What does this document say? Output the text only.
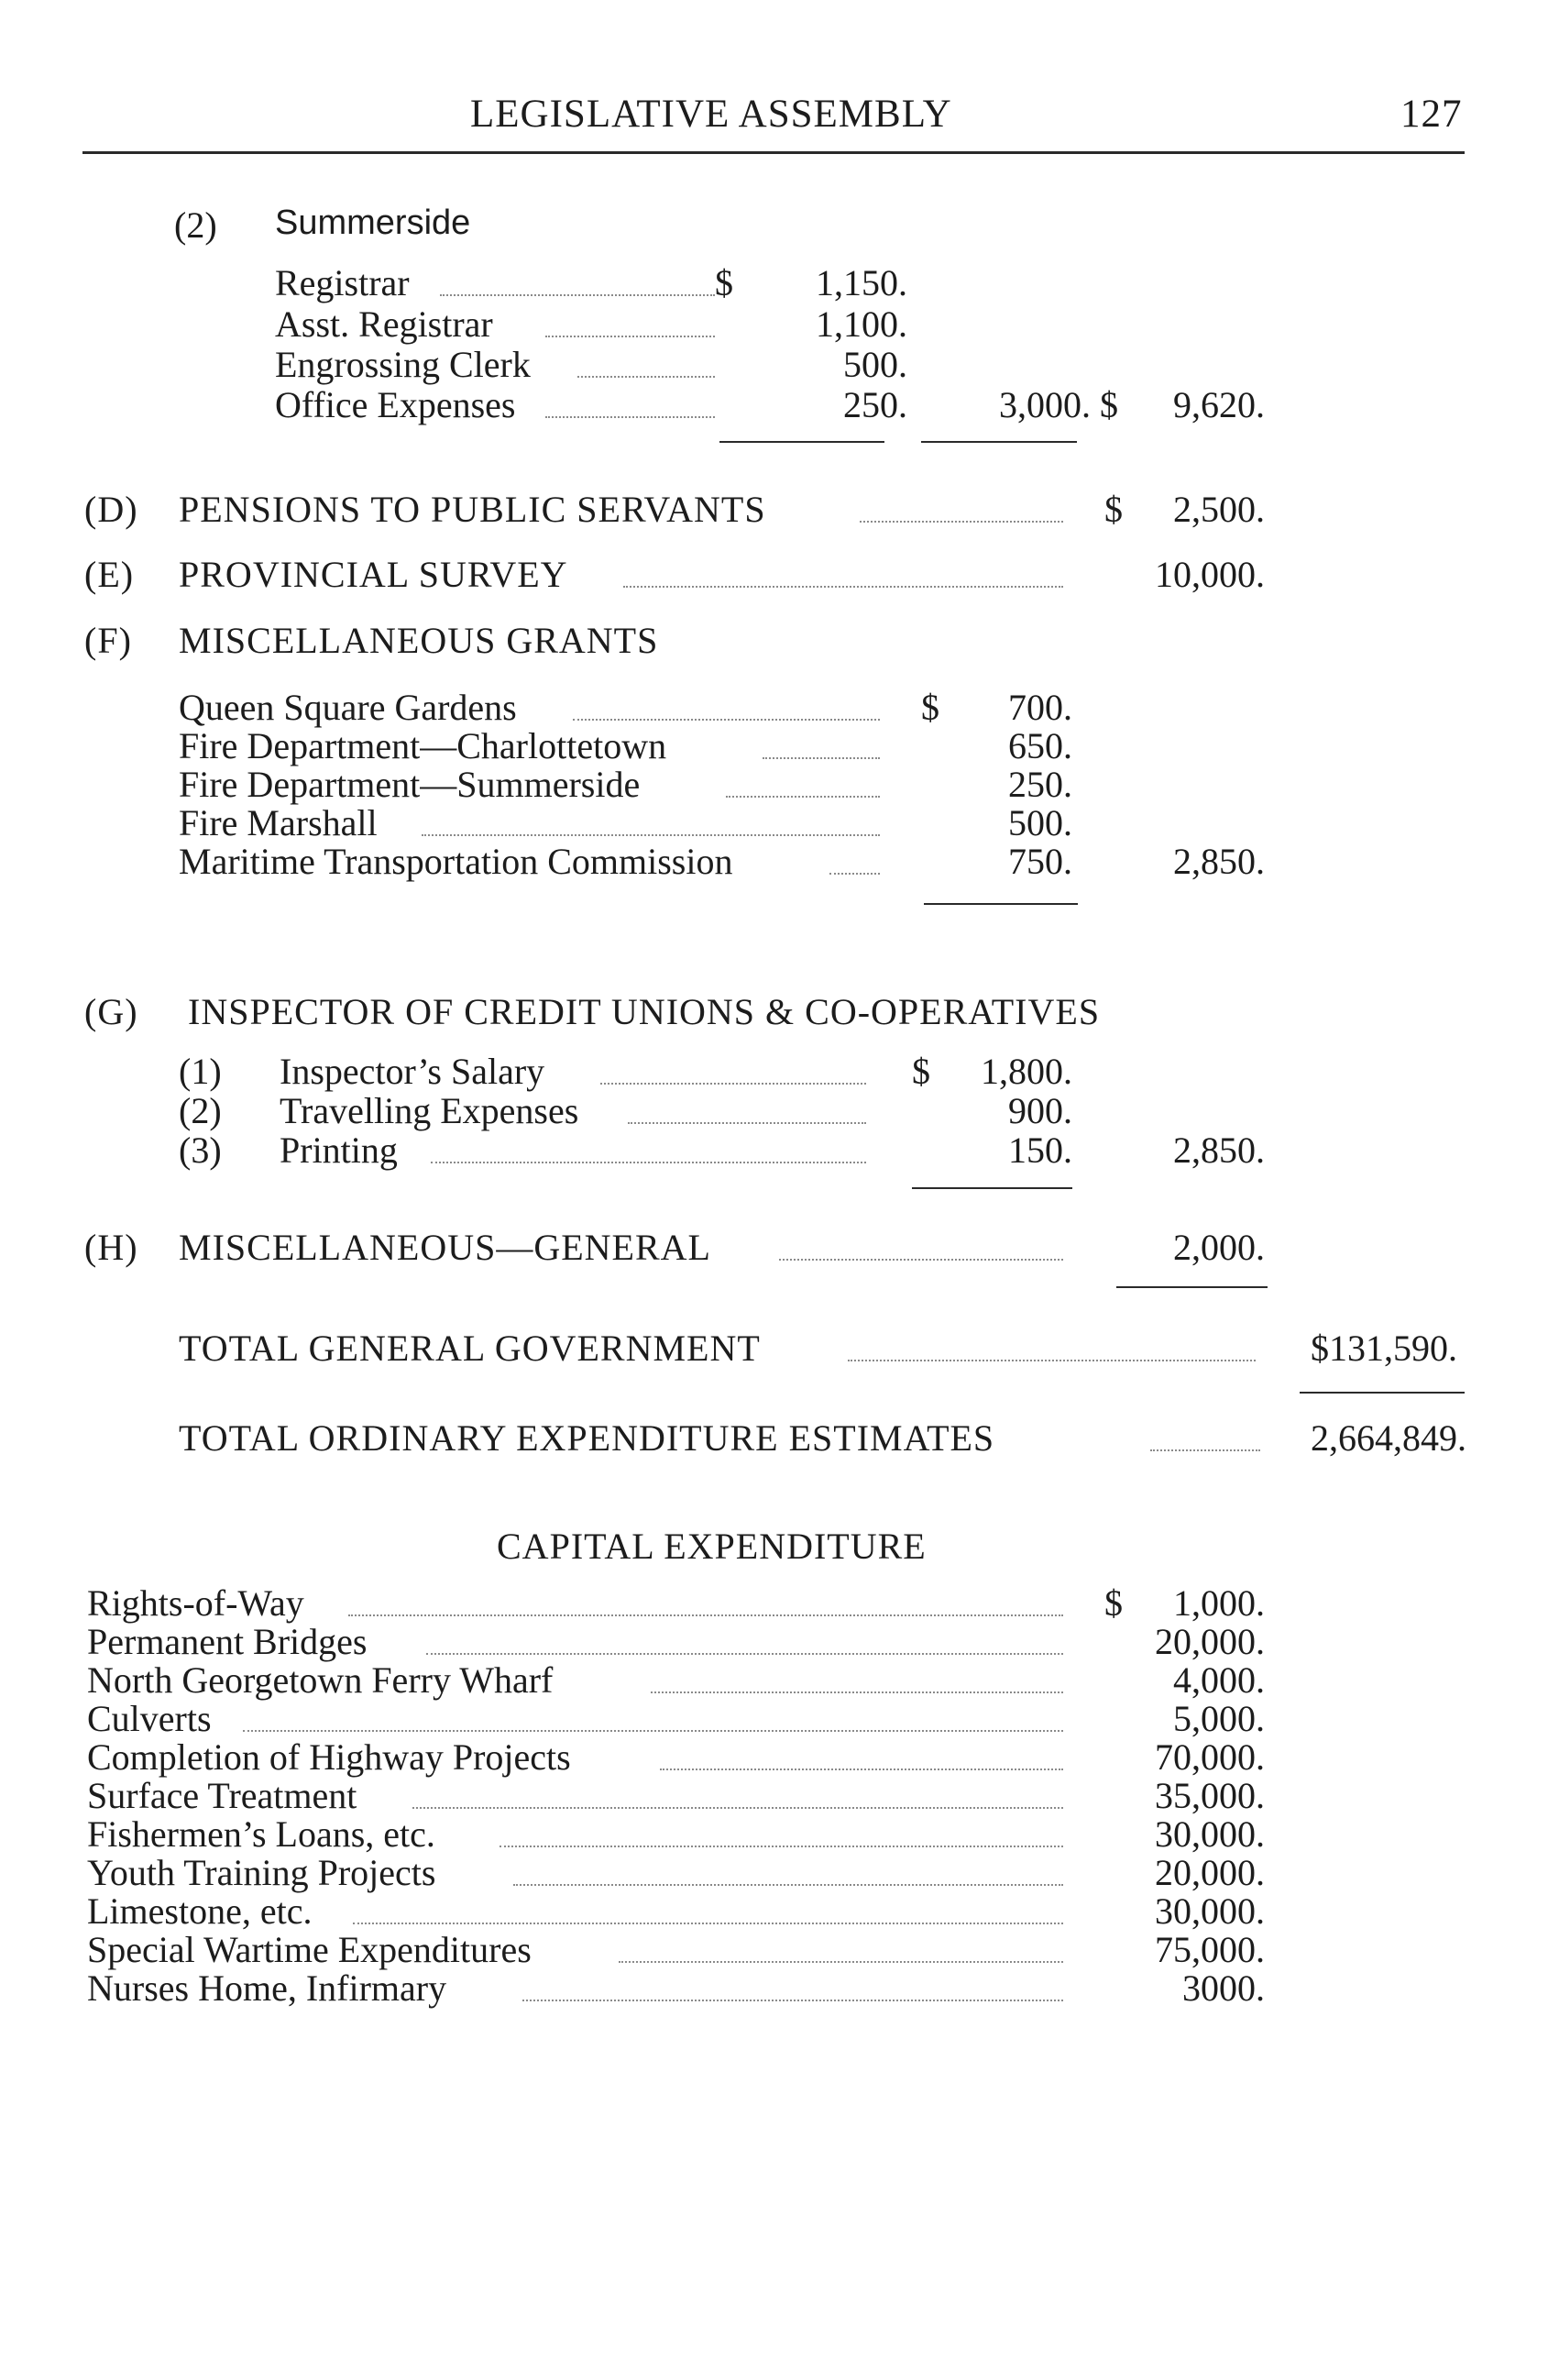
LEGISLATIVE ASSEMBLY	127
(2) Summerside
Registrar	$	1,150.
Asst. Registrar	1,100.
Engrossing Clerk	500.
Office Expenses	250.	3,000. $	9,620.
(D) PENSIONS TO PUBLIC SERVANTS	$	2,500.
(E) PROVINCIAL SURVEY	10,000.
(F) MISCELLANEOUS GRANTS
Queen Square Gardens	$	700.
Fire Department—Charlottetown	650.
Fire Department—Summerside	250.
Fire Marshall	500.
Maritime Transportation Commission	750.	2,850.
(G) INSPECTOR OF CREDIT UNIONS & CO-OPERATIVES
(1) Inspector’s Salary	$	1,800.
(2) Travelling Expenses	900.
(3) Printing	150.	2,850.
(H) MISCELLANEOUS—GENERAL	2,000.
TOTAL GENERAL GOVERNMENT	$131,590.
TOTAL ORDINARY EXPENDITURE ESTIMATES	2,664,849.
CAPITAL EXPENDITURE
Rights-of-Way	$	1,000.
Permanent Bridges	20,000.
North Georgetown Ferry Wharf	4,000.
Culverts	5,000.
Completion of Highway Projects	70,000.
Surface Treatment	35,000.
Fishermen’s Loans, etc.	30,000.
Youth Training Projects	20,000.
Limestone, etc.	30,000.
Special Wartime Expenditures	75,000.
Nurses Home, Infirmary	3000.
